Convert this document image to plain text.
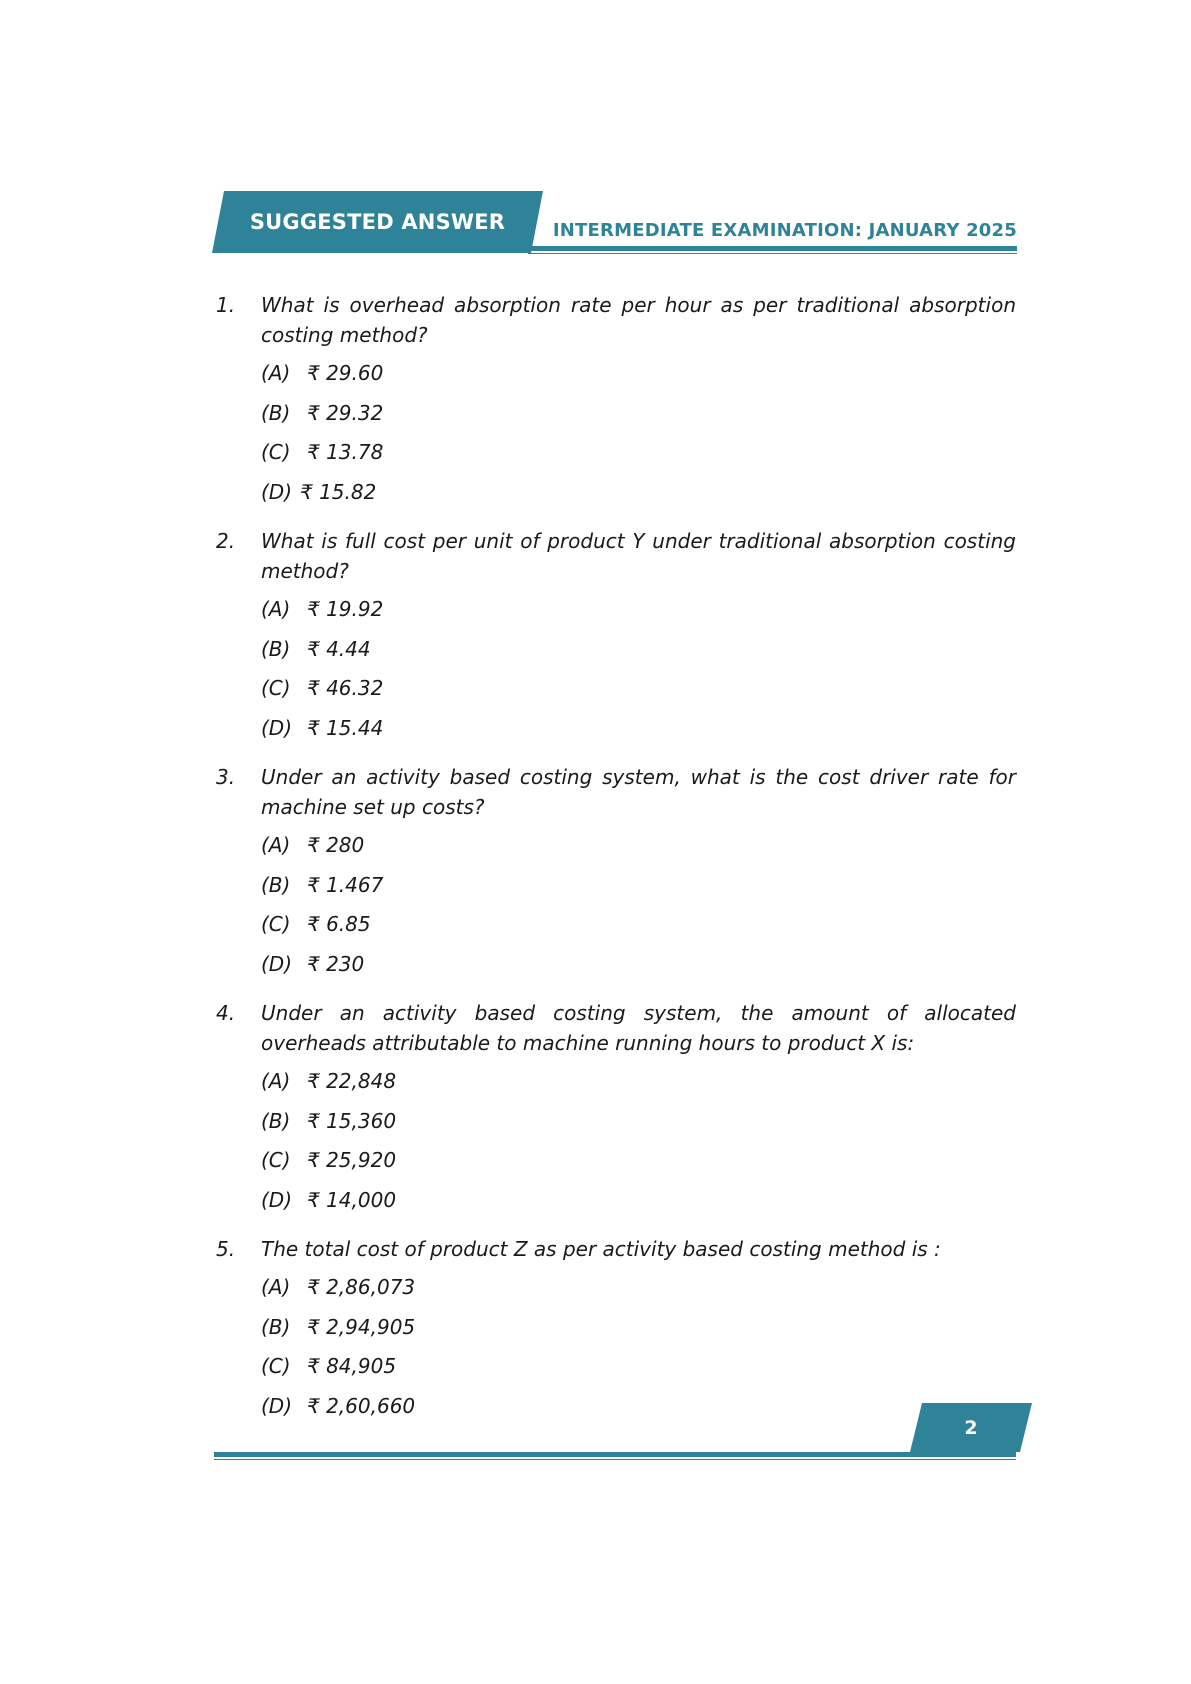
SUGGESTED ANSWER	INTERMEDIATE EXAMINATION: JANUARY 2025
1.	What is overhead absorption rate per hour as per traditional absorption costing method?
(A) ₹ 29.60
(B) ₹ 29.32
(C) ₹ 13.78
(D) ₹ 15.82
2.	What is full cost per unit of product Y under traditional absorption costing method?
(A) ₹ 19.92
(B) ₹ 4.44
(C) ₹ 46.32
(D) ₹ 15.44
3.	Under an activity based costing system, what is the cost driver rate for machine set up costs?
(A) ₹ 280
(B) ₹ 1.467
(C) ₹ 6.85
(D) ₹ 230
4.	Under an activity based costing system, the amount of allocated overheads attributable to machine running hours to product X is:
(A) ₹ 22,848
(B) ₹ 15,360
(C) ₹ 25,920
(D) ₹ 14,000
5.	The total cost of product Z as per activity based costing method is :
(A) ₹ 2,86,073
(B) ₹ 2,94,905
(C) ₹ 84,905
(D) ₹ 2,60,660
2
